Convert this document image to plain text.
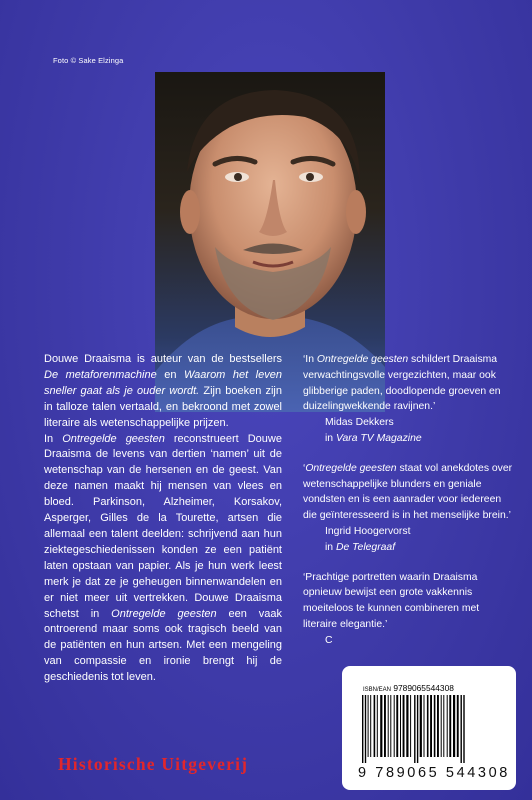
Foto © Sake Elzinga

Douwe Draaisma is auteur van de bestsellers De metaforenmachine en Waarom het leven sneller gaat als je ouder wordt. Zijn boeken zijn in talloze talen vertaald, en bekroond met zowel literaire als wetenschappelijke prijzen.

In Ontregelde geesten reconstrueert Douwe Draaisma de levens van dertien ‘namen’ uit de wetenschap van de hersenen en de geest. Van deze namen maakt hij mensen van vlees en bloed. Parkinson, Alzheimer, Korsakov, Asperger, Gilles de la Tourette, artsen die allemaal een talent deelden: schrijvend aan hun ziektegeschiedenissen konden ze een patiënt laten opstaan van papier. Als je hun werk leest merk je dat ze je geheugen binnenwandelen en er niet meer uit vertrekken. Douwe Draaisma schetst in Ontregelde geesten een vaak ontroerend maar soms ook tragisch beeld van de patiënten en hun artsen. Met een mengeling van compassie en ironie brengt hij de geschiedenis tot leven.

‘In Ontregelde geesten schildert Draaisma verwachtingsvolle vergezichten, maar ook glibberige paden, doodlopende groeven en duizelingwekkende ravijnen.’

Midas Dekkers

in Vara TV Magazine

‘Ontregelde geesten staat vol anekdotes over wetenschappelijke blunders en geniale vondsten en is een aanrader voor iedereen die geïnteresseerd is in het menselijke brein.’

Ingrid Hoogervorst

in De Telegraaf

‘Prachtige portretten waarin Draaisma opnieuw bewijst een grote vakkennis moeiteloos te kunnen combineren met literaire elegantie.’

C

Historische Uitgeverij
ISBN/EAN 9789065544308
9 789065 544308
